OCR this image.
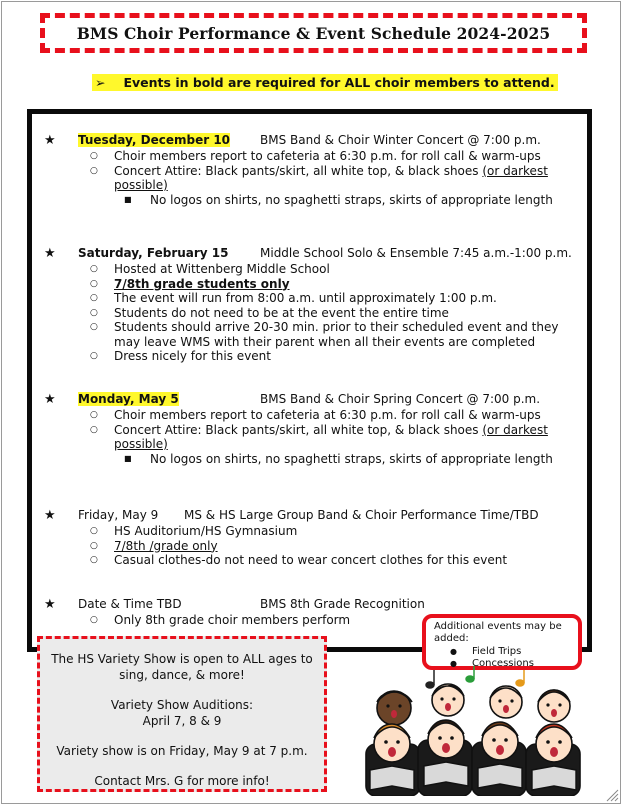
BMS Choir Performance & Event Schedule 2024-2025
➢ Events in bold are required for ALL choir members to attend.
★ Tuesday, December 10 BMS Band & Choir Winter Concert @ 7:00 p.m.
○ Choir members report to cafeteria at 6:30 p.m. for roll call & warm-ups
○ Concert Attire: Black pants/skirt, all white top, & black shoes (or darkest possible)
■ No logos on shirts, no spaghetti straps, skirts of appropriate length
★ Saturday, February 15	Middle School Solo & Ensemble 7:45 a.m.-1:00 p.m.
○ Hosted at Wittenberg Middle School
○ 7/8th grade students only
○ The event will run from 8:00 a.m. until approximately 1:00 p.m.
○ Students do not need to be at the event the entire time
○ Students should arrive 20-30 min. prior to their scheduled event and they may leave WMS with their parent when all their events are completed
○ Dress nicely for this event
★ Monday, May 5	BMS Band & Choir Spring Concert @ 7:00 p.m.
○ Choir members report to cafeteria at 6:30 p.m. for roll call & warm-ups
○ Concert Attire: Black pants/skirt, all white top, & black shoes (or darkest possible)
■ No logos on shirts, no spaghetti straps, skirts of appropriate length
★ Friday, May 9 MS & HS Large Group Band & Choir Performance Time/TBD
○ HS Auditorium/HS Gymnasium
○ 7/8th /grade only
○ Casual clothes-do not need to wear concert clothes for this event
★ Date & Time TBD	BMS 8th Grade Recognition
○ Only 8th grade choir members perform

The HS Variety Show is open to ALL ages to sing, dance, & more!

Variety Show Auditions:
April 7, 8 & 9

Variety show is on Friday, May 9 at 7 p.m.

Contact Mrs. G for more info!

Additional events may be added:
● Field Trips
● Concessions
